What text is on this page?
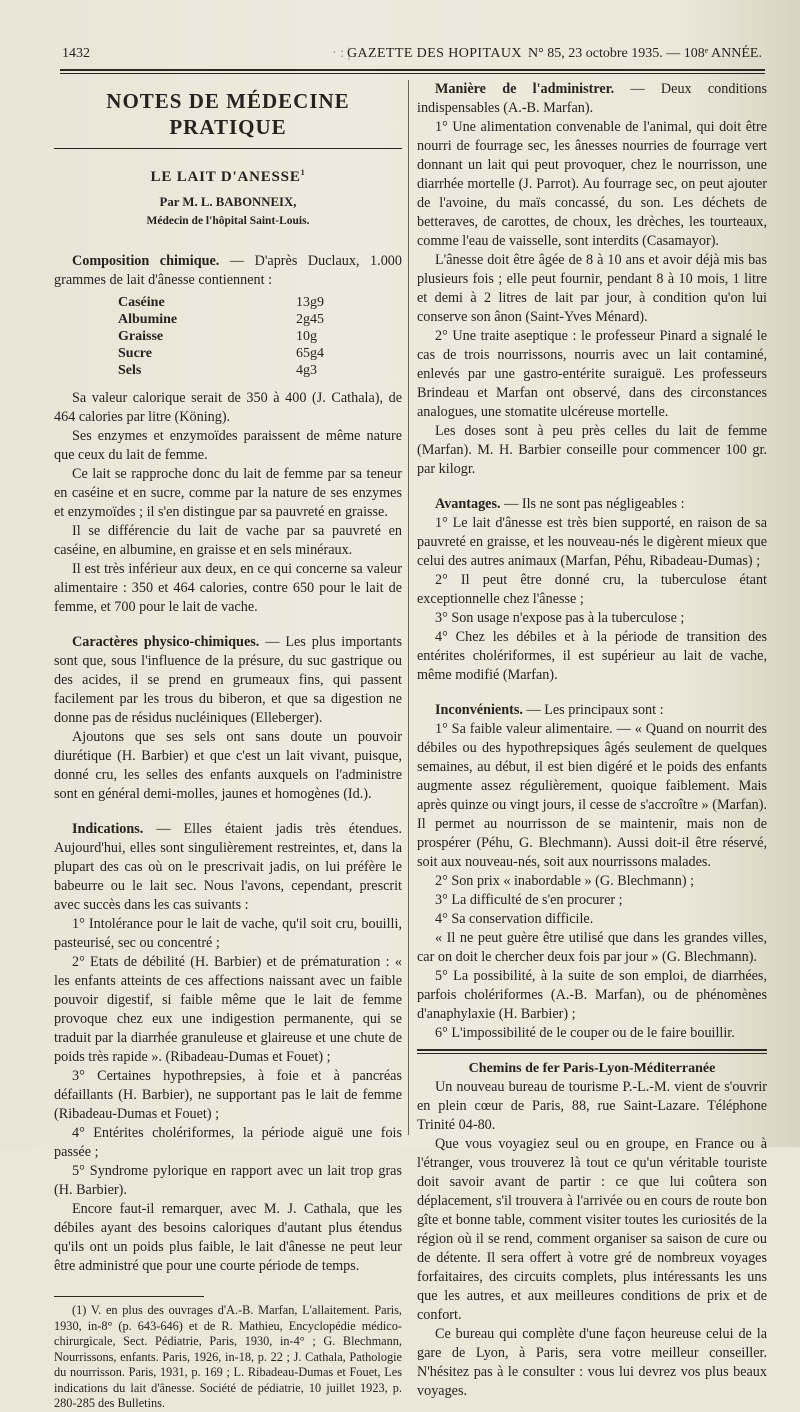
1432	· : |
GAZETTE DES HOPITAUX N° 85, 23 octobre 1935. — 108ᵉ ANNÉE.
NOTES DE MÉDECINE PRATIQUE
LE LAIT D'ANESSE$^1$
Par M. L. BABONNEIX,
Médecin de l'hôpital Saint-Louis.

Composition chimique. — D'après Duclaux, 1.000 grammes de lait d'ânesse contiennent :

Caséine	13g9
Albumine	2g45
Graisse	10g
Sucre	65g4
Sels	4g3

Sa valeur calorique serait de 350 à 400 (J. Cathala), de 464 calories par litre (Köning).

Ses enzymes et enzymoïdes paraissent de même nature que ceux du lait de femme.

Ce lait se rapproche donc du lait de femme par sa teneur en caséine et en sucre, comme par la nature de ses enzymes et enzymoïdes ; il s'en distingue par sa pauvreté en graisse.

Il se différencie du lait de vache par sa pauvreté en caséine, en albumine, en graisse et en sels minéraux.

Il est très inférieur aux deux, en ce qui concerne sa valeur alimentaire : 350 et 464 calories, contre 650 pour le lait de femme, et 700 pour le lait de vache.

Caractères physico-chimiques. — Les plus importants sont que, sous l'influence de la présure, du suc gastrique ou des acides, il se prend en grumeaux fins, qui passent facilement par les trous du biberon, et que sa digestion ne donne pas de résidus nucléiniques (Elleberger).

Ajoutons que ses sels ont sans doute un pouvoir diurétique (H. Barbier) et que c'est un lait vivant, puisque, donné cru, les selles des enfants auxquels on l'administre sont en général demi-molles, jaunes et homogènes (Id.).

Indications. — Elles étaient jadis très étendues. Aujourd'hui, elles sont singulièrement restreintes, et, dans la plupart des cas où on le prescrivait jadis, on lui préfère le babeurre ou le lait sec. Nous l'avons, cependant, prescrit avec succès dans les cas suivants :

1° Intolérance pour le lait de vache, qu'il soit cru, bouilli, pasteurisé, sec ou concentré ;

2° Etats de débilité (H. Barbier) et de prématuration : « les enfants atteints de ces affections naissant avec un faible pouvoir digestif, si faible même que le lait de femme provoque chez eux une indigestion permanente, qui se traduit par la diarrhée granuleuse et glaireuse et une chute de poids très rapide ». (Ribadeau-Dumas et Fouet) ;

3° Certaines hypothrepsies, à foie et à pancréas défaillants (H. Barbier), ne supportant pas le lait de femme (Ribadeau-Dumas et Fouet) ;

4° Entérites cholériformes, la période aiguë une fois passée ;

5° Syndrome pylorique en rapport avec un lait trop gras (H. Barbier).

Encore faut-il remarquer, avec M. J. Cathala, que les débiles ayant des besoins caloriques d'autant plus étendus qu'ils ont un poids plus faible, le lait d'ânesse ne peut leur être administré que pour une courte période de temps.

(1) V. en plus des ouvrages d'A.-B. Marfan, L'allaitement. Paris, 1930, in-8° (p. 643-646) et de R. Mathieu, Encyclopédie médico-chirurgicale, Sect. Pédiatrie, Paris, 1930, in-4° ; G. Blechmann, Nourrissons, enfants. Paris, 1926, in-18, p. 22 ; J. Cathala, Pathologie du nourrisson. Paris, 1931, p. 169 ; L. Ribadeau-Dumas et Fouet, Les indications du lait d'ânesse. Société de pédiatrie, 10 juillet 1923, p. 280-285 des Bulletins.

Manière de l'administrer. — Deux conditions indispensables (A.-B. Marfan).

1° Une alimentation convenable de l'animal, qui doit être nourri de fourrage sec, les ânesses nourries de fourrage vert donnant un lait qui peut provoquer, chez le nourrisson, une diarrhée mortelle (J. Parrot). Au fourrage sec, on peut ajouter de l'avoine, du maïs concassé, du son. Les déchets de betteraves, de carottes, de choux, les drèches, les tourteaux, comme l'eau de vaisselle, sont interdits (Casamayor).

L'ânesse doit être âgée de 8 à 10 ans et avoir déjà mis bas plusieurs fois ; elle peut fournir, pendant 8 à 10 mois, 1 litre et demi à 2 litres de lait par jour, à condition qu'on lui conserve son ânon (Saint-Yves Ménard).

2° Une traite aseptique : le professeur Pinard a signalé le cas de trois nourrissons, nourris avec un lait contaminé, enlevés par une gastro-entérite suraiguë. Les professeurs Brindeau et Marfan ont observé, dans des circonstances analogues, une stomatite ulcéreuse mortelle.

Les doses sont à peu près celles du lait de femme (Marfan). M. H. Barbier conseille pour commencer 100 gr. par kilogr.

Avantages. — Ils ne sont pas négligeables :

1° Le lait d'ânesse est très bien supporté, en raison de sa pauvreté en graisse, et les nouveau-nés le digèrent mieux que celui des autres animaux (Marfan, Péhu, Ribadeau-Dumas) ;

2° Il peut être donné cru, la tuberculose étant exceptionnelle chez l'ânesse ;

3° Son usage n'expose pas à la tuberculose ;

4° Chez les débiles et à la période de transition des entérites cholériformes, il est supérieur au lait de vache, même modifié (Marfan).

Inconvénients. — Les principaux sont :

1° Sa faible valeur alimentaire. — « Quand on nourrit des débiles ou des hypothrepsiques âgés seulement de quelques semaines, au début, il est bien digéré et le poids des enfants augmente assez régulièrement, quoique faiblement. Mais après quinze ou vingt jours, il cesse de s'accroître » (Marfan). Il permet au nourrisson de se maintenir, mais non de prospérer (Péhu, G. Blechmann). Aussi doit-il être réservé, soit aux nouveau-nés, soit aux nourrissons malades.

2° Son prix « inabordable » (G. Blechmann) ;

3° La difficulté de s'en procurer ;

4° Sa conservation difficile.

« Il ne peut guère être utilisé que dans les grandes villes, car on doit le chercher deux fois par jour » (G. Blechmann).

5° La possibilité, à la suite de son emploi, de diarrhées, parfois cholériformes (A.-B. Marfan), ou de phénomènes d'anaphylaxie (H. Barbier) ;

6° L'impossibilité de le couper ou de le faire bouillir.

Chemins de fer Paris-Lyon-Méditerranée

Un nouveau bureau de tourisme P.-L.-M. vient de s'ouvrir en plein cœur de Paris, 88, rue Saint-Lazare. Téléphone Trinité 04-80.

Que vous voyagiez seul ou en groupe, en France ou à l'étranger, vous trouverez là tout ce qu'un véritable touriste doit savoir avant de partir : ce que lui coûtera son déplacement, s'il trouvera à l'arrivée ou en cours de route bon gîte et bonne table, comment visiter toutes les curiosités de la région où il se rend, comment organiser sa saison de cure ou de détente. Il sera offert à votre gré de nombreux voyages forfaitaires, des circuits complets, plus intéressants les uns que les autres, et aux meilleures conditions de prix et de confort.

Ce bureau qui complète d'une façon heureuse celui de la gare de Lyon, à Paris, sera votre meilleur conseiller. N'hésitez pas à le consulter : vous lui devrez vos plus beaux voyages.
